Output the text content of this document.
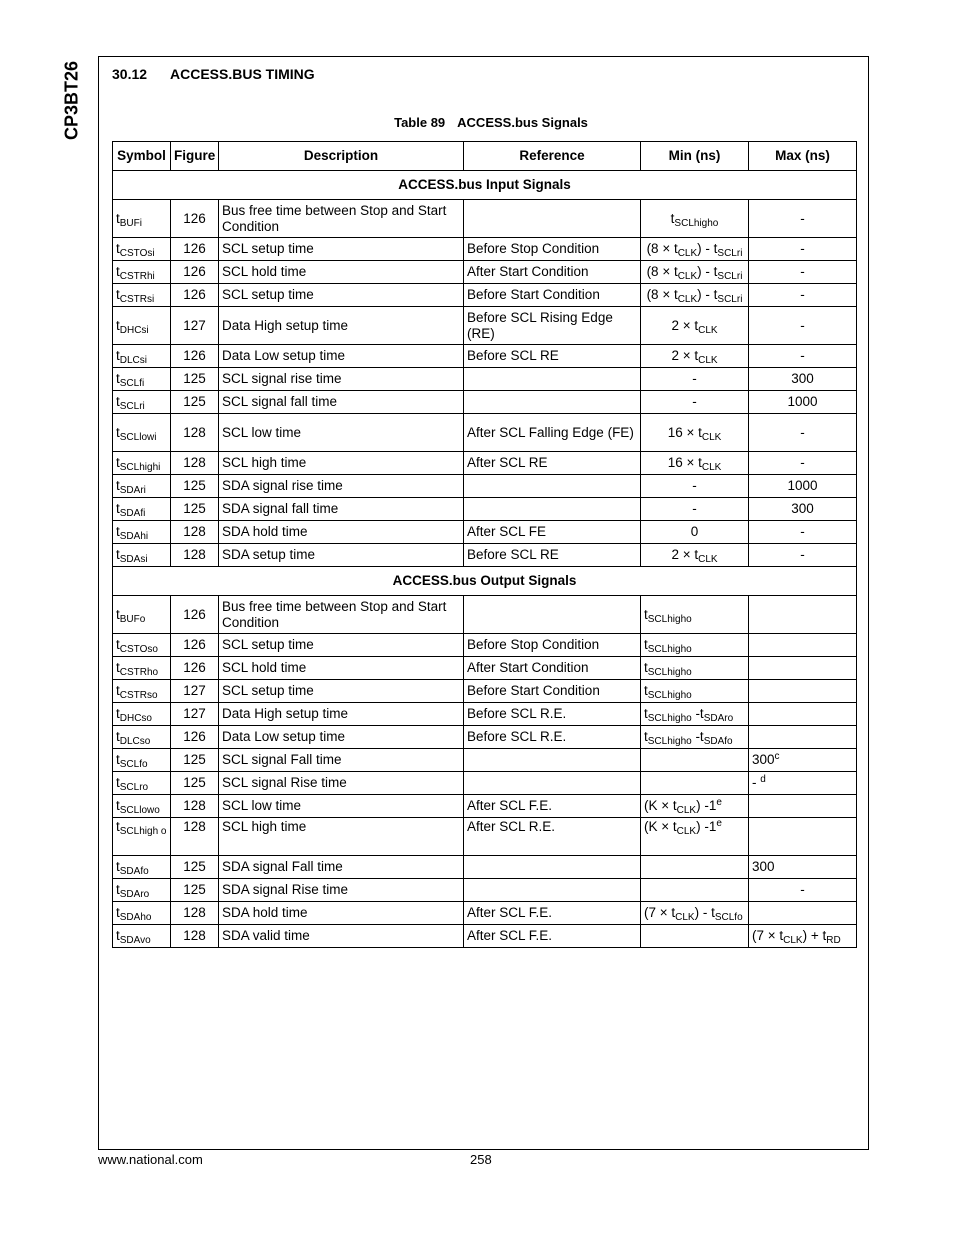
CP3BT26 30.12 ACCESS.BUS TIMING
Table 89 ACCESS.bus Signals
Symbol	Figure	Description	Reference	Min (ns)	Max (ns)
ACCESS.bus Input Signals					
$t_{BUFi}$	126	Bus free time between Stop and Start Condition		$t_{SCLhigho}$	-
$t_{CSTOsi}$	126	SCL setup time	Before Stop Condition	$(8 \times t_{CLK}) - t_{SCLri}$	-
$t_{CSTRhi}$	126	SCL hold time	After Start Condition	$(8 \times t_{CLK}) - t_{SCLri}$	-
$t_{CSTRsi}$	126	SCL setup time	Before Start Condition	$(8 \times t_{CLK}) - t_{SCLri}$	-
$t_{DHCsi}$	127	Data High setup time	Before SCL Rising Edge (RE)	$2 \times t_{CLK}$	-
$t_{DLCsi}$	126	Data Low setup time	Before SCL RE	$2 \times t_{CLK}$	-
$t_{SCLfi}$	125	SCL signal rise time		-	300
$t_{SCLri}$	125	SCL signal fall time		-	1000
$t_{SCLlowi}$	128	SCL low time	After SCL Falling Edge (FE)	$16 \times t_{CLK}$	-
$t_{SCLhighi}$	128	SCL high time	After SCL RE	$16 \times t_{CLK}$	-
$t_{SDAri}$	125	SDA signal rise time		-	1000
$t_{SDAfi}$	125	SDA signal fall time		-	300
$t_{SDAhi}$	128	SDA hold time	After SCL FE	0	-
$t_{SDAsi}$	128	SDA setup time	Before SCL RE	$2 \times t_{CLK}$	-
ACCESS.bus Output Signals					
$t_{BUFo}$	126	Bus free time between Stop and Start Condition		$t_{SCLhigho}$	
$t_{CSTOso}$	126	SCL setup time	Before Stop Condition	$t_{SCLhigho}$	
$t_{CSTRho}$	126	SCL hold time	After Start Condition	$t_{SCLhigho}$	
$t_{CSTRso}$	127	SCL setup time	Before Start Condition	$t_{SCLhigho}$	
$t_{DHCso}$	127	Data High setup time	Before SCL R.E.	$t_{SCLhigho}$ $-t_{SDAro}$	
$t_{DLCso}$	126	Data Low setup time	Before SCL R.E.	$t_{SCLhigho}$ $-t_{SDAfo}$	
$t_{SCLfo}$	125	SCL signal Fall time			300$^c$
$t_{SCLro}$	125	SCL signal Rise time			- $^d$
$t_{SCLlowo}$	128	SCL low time	After SCL F.E.	$(K \times t_{CLK})$ -1e	
$t_{SCLhigh o}$	128	SCL high time	After SCL R.E.	$(K \times t_{CLK})$ -1e	
$t_{SDAfo}$	125	SDA signal Fall time			300
$t_{SDAro}$	125	SDA signal Rise time			-
$t_{SDAho}$	128	SDA hold time	After SCL F.E.	$(7 \times t_{CLK}) - t_{SCLfo}$	
$t_{SDAvo}$	128	SDA valid time	After SCL F.E.		$(7 \times t_{CLK}) + t_{RD}$
www.national.com	258
